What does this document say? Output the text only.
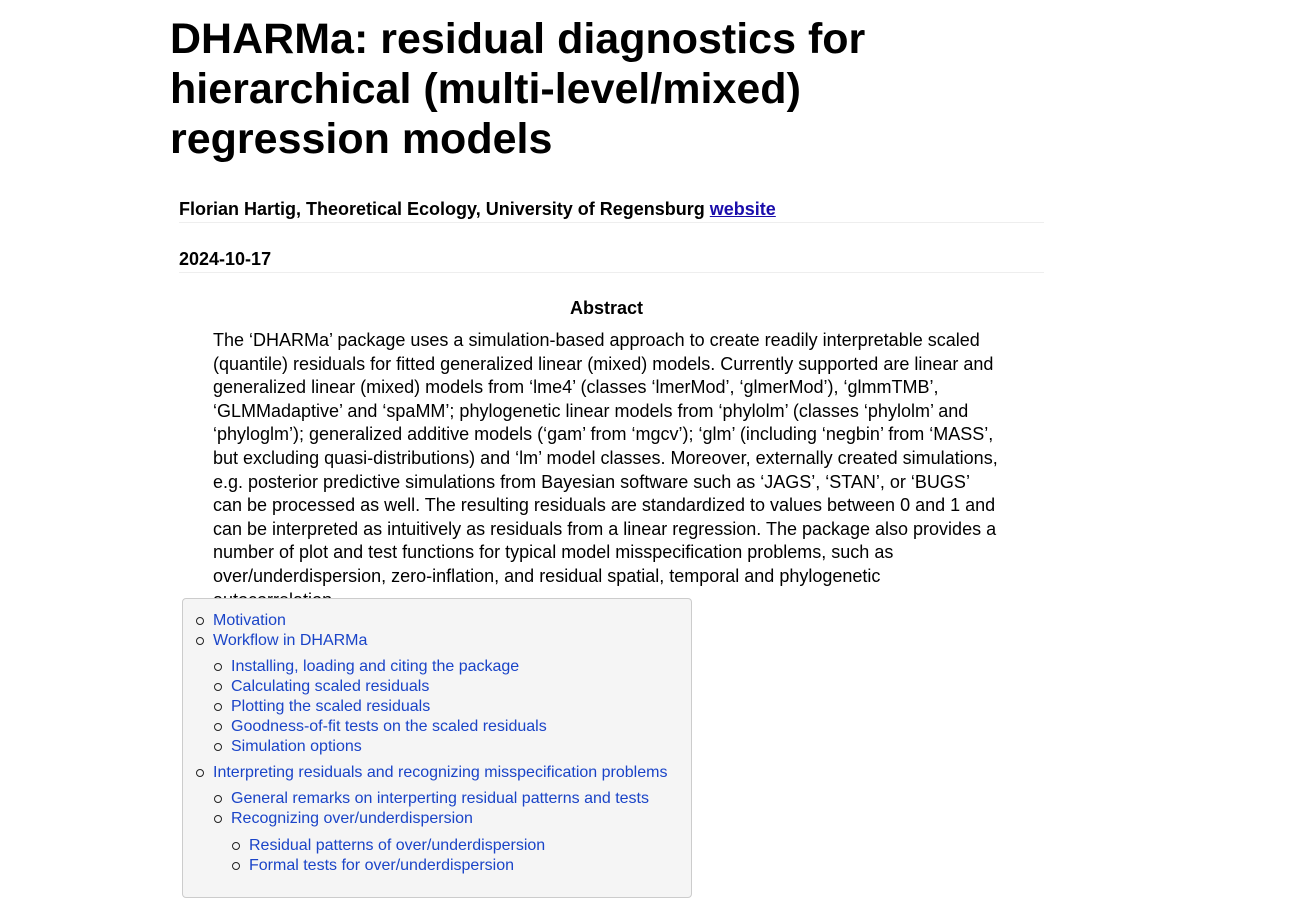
DHARMa: residual diagnostics for hierarchical (multi-level/mixed) regression models
Florian Hartig, Theoretical Ecology, University of Regensburg website
2024-10-17
Abstract

The ‘DHARMa’ package uses a simulation-based approach to create readily interpretable scaled (quantile) residuals for fitted generalized linear (mixed) models. Currently supported are linear and generalized linear (mixed) models from ‘lme4’ (classes ‘lmerMod’, ‘glmerMod’), ‘glmmTMB’, ‘GLMMadaptive’ and ‘spaMM’; phylogenetic linear models from ‘phylolm’ (classes ‘phylolm’ and ‘phyloglm’); generalized additive models (‘gam’ from ‘mgcv’); ‘glm’ (including ‘negbin’ from ‘MASS’, but excluding quasi-distributions) and ‘lm’ model classes. Moreover, externally created simulations, e.g. posterior predictive simulations from Bayesian software such as ‘JAGS’, ‘STAN’, or ‘BUGS’ can be processed as well. The resulting residuals are standardized to values between 0 and 1 and can be interpreted as intuitively as residuals from a linear regression. The package also provides a number of plot and test functions for typical model misspecification problems, such as over/underdispersion, zero-inflation, and residual spatial, temporal and phylogenetic

Motivation
Workflow in DHARMa
Installing, loading and citing the package
Calculating scaled residuals
Plotting the scaled residuals
Goodness-of-fit tests on the scaled residuals
Simulation options
Interpreting residuals and recognizing misspecification problems
General remarks on interperting residual patterns and tests
Recognizing over/underdispersion
Residual patterns of over/underdispersion
Formal tests for over/underdispersion
